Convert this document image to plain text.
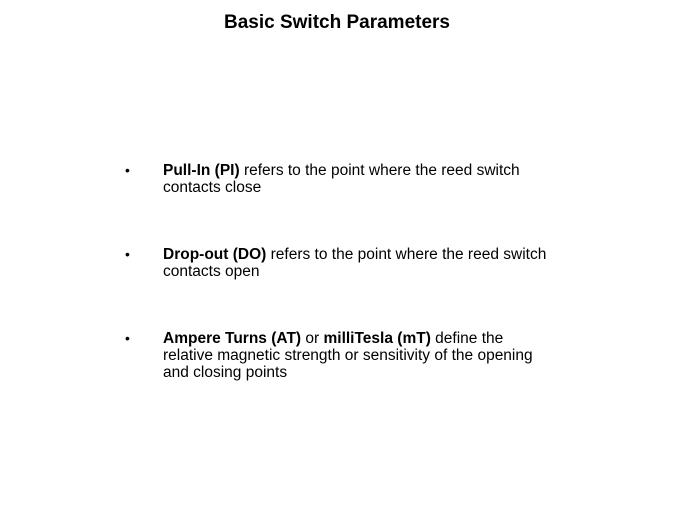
Basic Switch Parameters
• Pull-In (PI) refers to the point where the reed switch contacts close
• Drop-out (DO) refers to the point where the reed switch contacts open
• Ampere Turns (AT) or milliTesla (mT) define the relative magnetic strength or sensitivity of the opening and closing points
